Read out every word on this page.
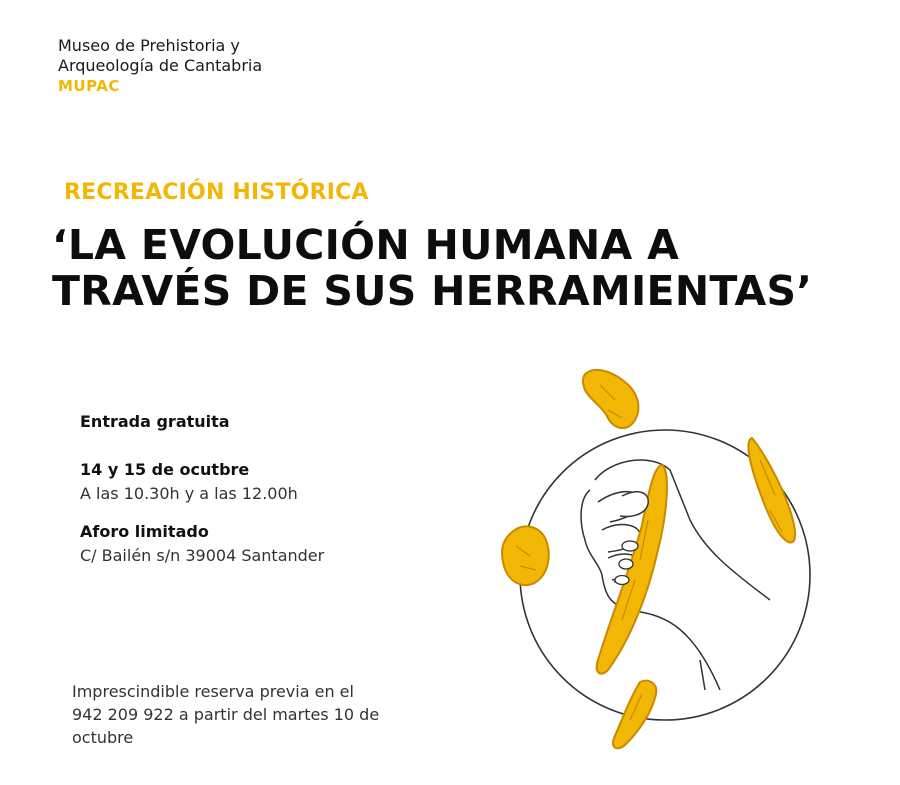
Museo de Prehistoria y
Arqueología de Cantabria
MUPAC
RECREACIÓN HISTÓRICA
‘LA EVOLUCIÓN HUMANA A
TRAVÉS DE SUS HERRAMIENTAS’
Entrada gratuita
14 y 15 de ocutbre
A las 10.30h y a las 12.00h
Aforo limitado
C/ Bailén s/n 39004 Santander
Imprescindible reserva previa en el
942 209 922 a partir del martes 10 de
octubre
